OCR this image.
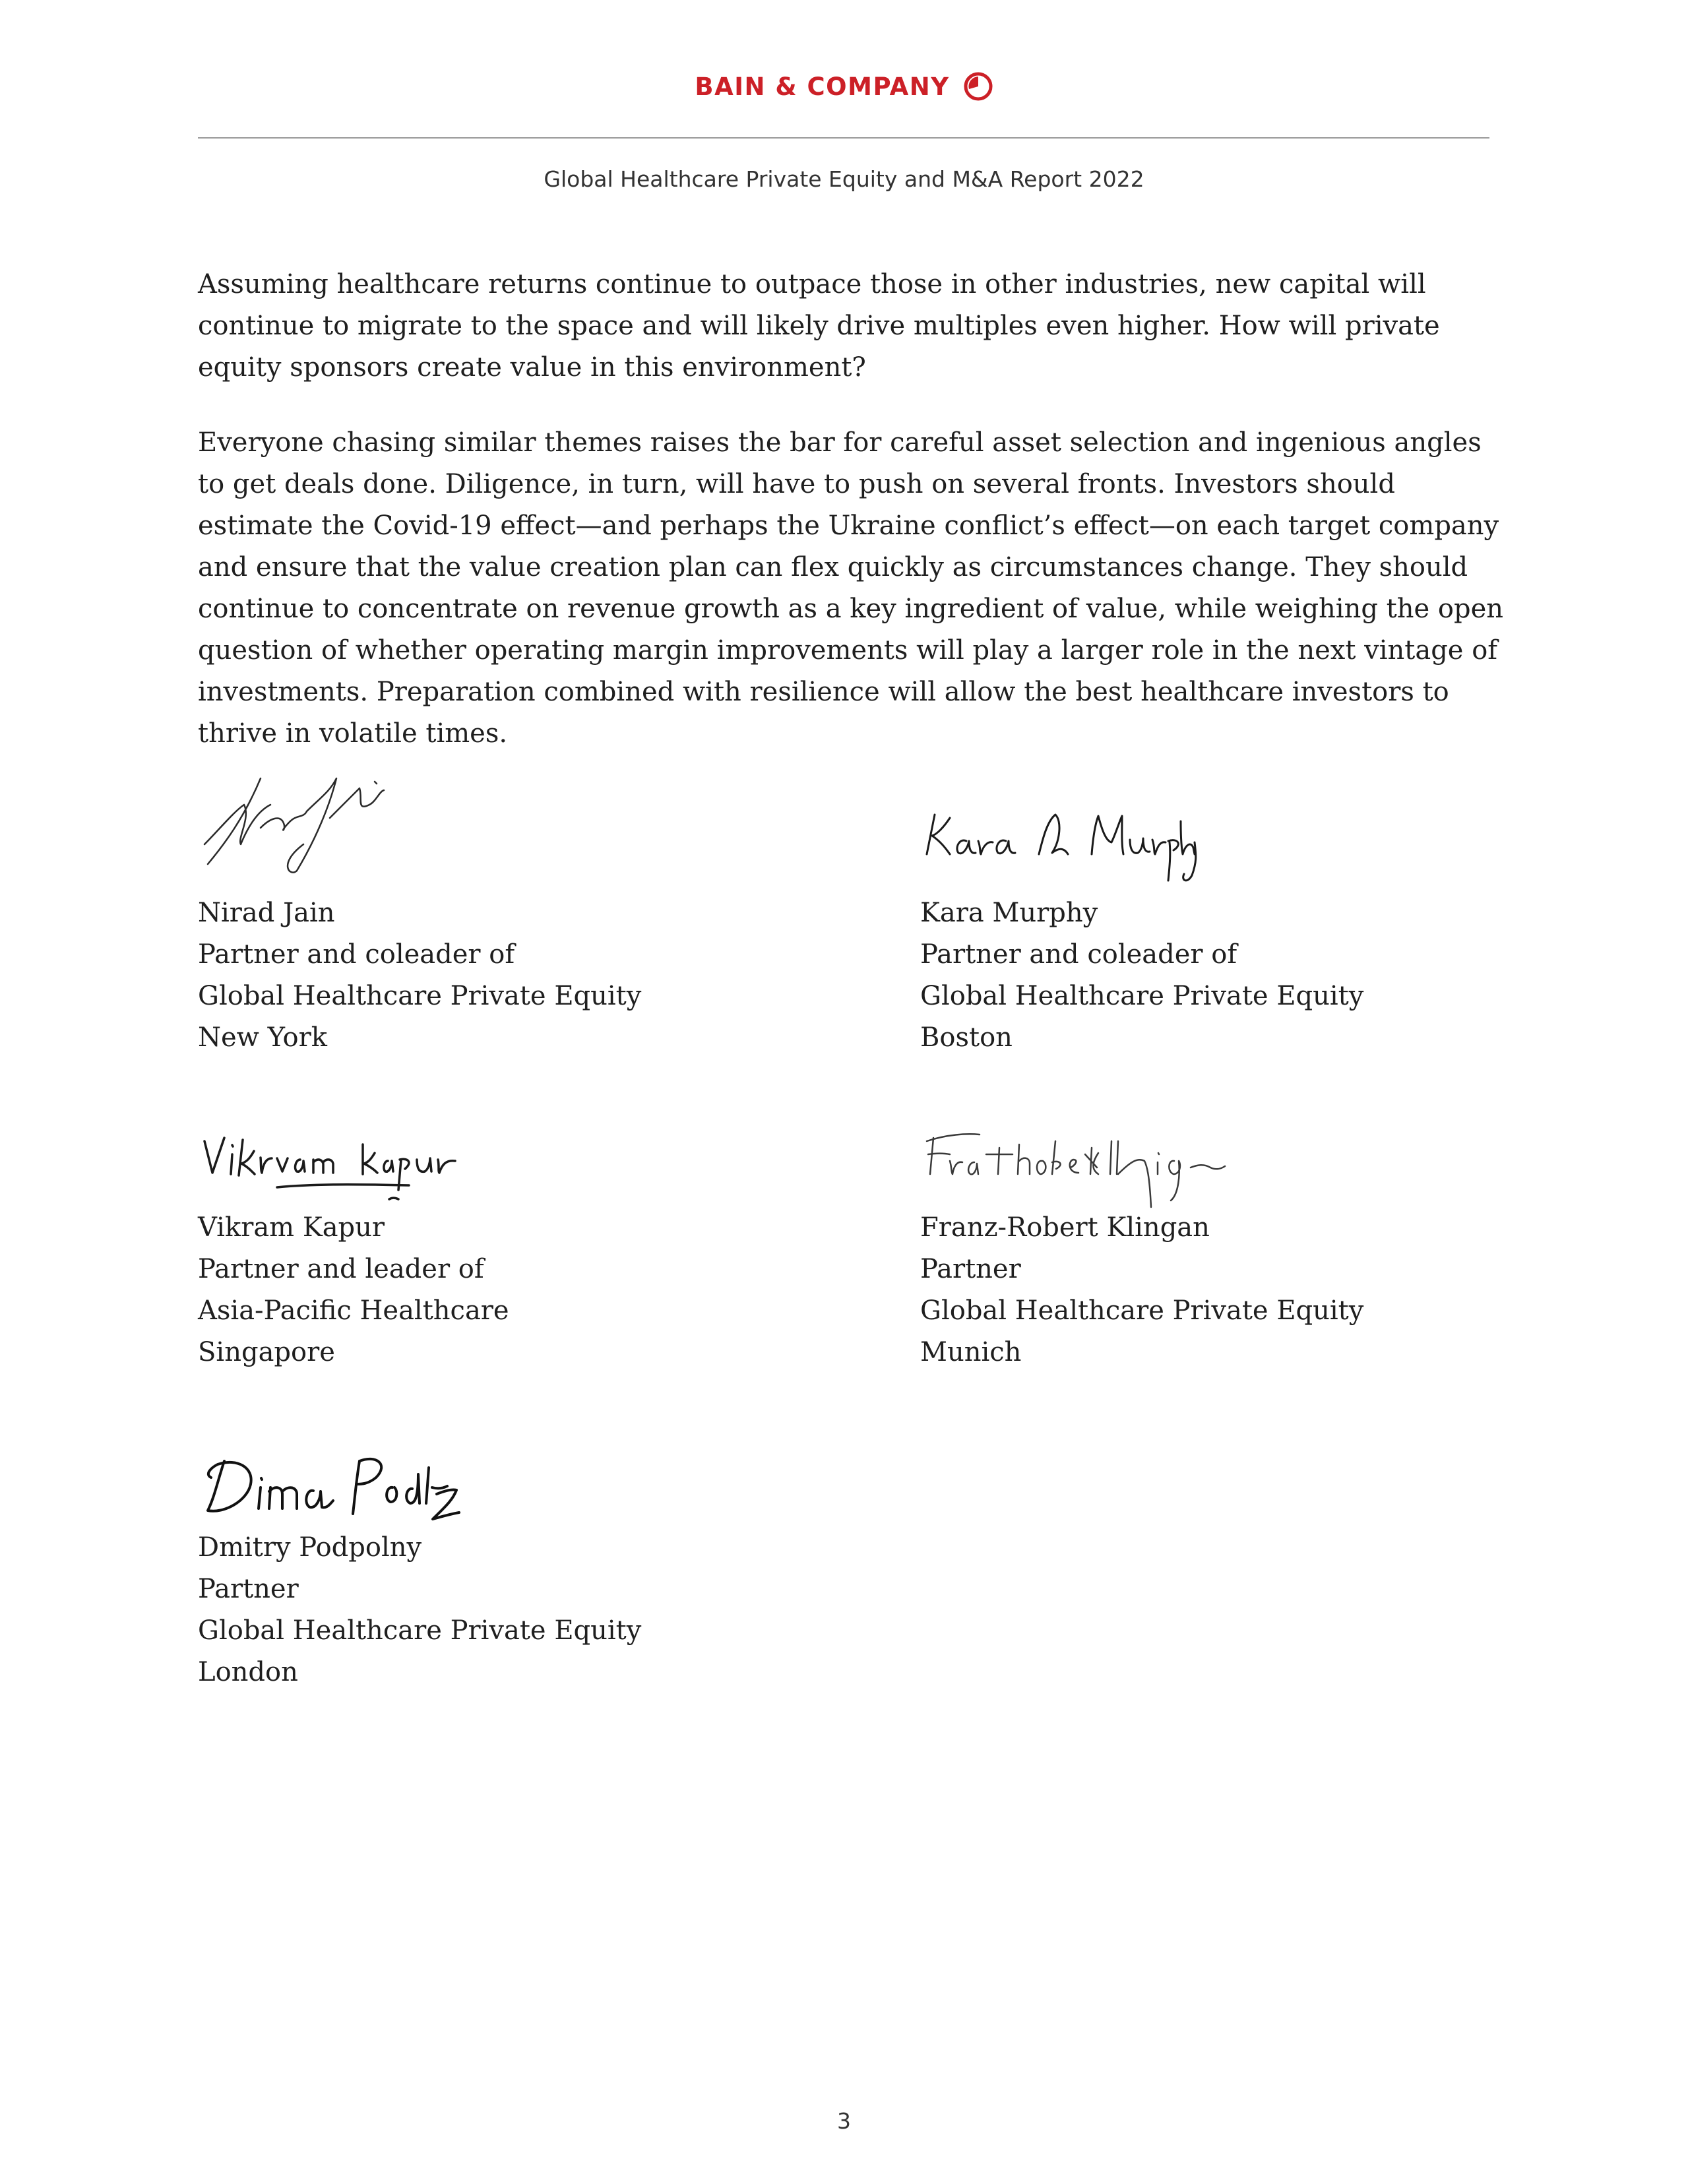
BAIN & COMPANY
Global Healthcare Private Equity and M&A Report 2022

Assuming healthcare returns continue to outpace those in other industries, new capital will continue to migrate to the space and will likely drive multiples even higher. How will private equity sponsors create value in this environment?

Everyone chasing similar themes raises the bar for careful asset selection and ingenious angles to get deals done. Diligence, in turn, will have to push on several fronts. Investors should estimate the Covid-19 effect—and perhaps the Ukraine conflict’s effect—on each target company and ensure that the value creation plan can flex quickly as circumstances change. They should continue to concentrate on revenue growth as a key ingredient of value, while weighing the open question of whether operating margin improvements will play a larger role in the next vintage of investments. Preparation combined with resilience will allow the best healthcare investors to thrive in volatile times.

Nirad Jain
Partner and coleader of
Global Healthcare Private Equity
New York
Kara Murphy
Partner and coleader of
Global Healthcare Private Equity
Boston
Vikram Kapur
Partner and leader of
Asia-Pacific Healthcare
Singapore
Franz-Robert Klingan
Partner
Global Healthcare Private Equity
Munich
Dmitry Podpolny
Partner
Global Healthcare Private Equity
London
3
